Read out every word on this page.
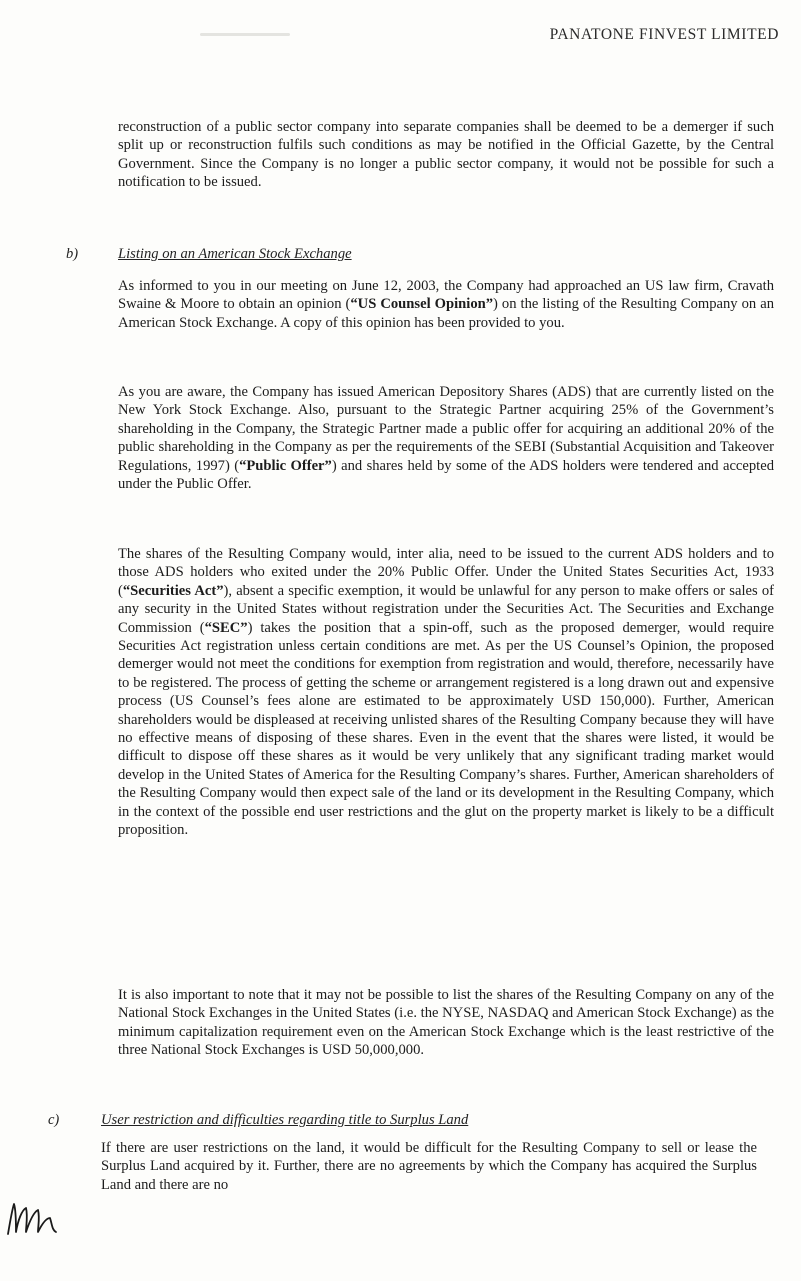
PANATONE FINVEST LIMITED

reconstruction of a public sector company into separate companies shall be deemed to be a demerger if such split up or reconstruction fulfils such conditions as may be notified in the Official Gazette, by the Central Government. Since the Company is no longer a public sector company, it would not be possible for such a notification to be issued.

b)	Listing on an American Stock Exchange

As informed to you in our meeting on June 12, 2003, the Company had approached an US law firm, Cravath Swaine & Moore to obtain an opinion (“US Counsel Opinion”) on the listing of the Resulting Company on an American Stock Exchange. A copy of this opinion has been provided to you.

As you are aware, the Company has issued American Depository Shares (ADS) that are currently listed on the New York Stock Exchange. Also, pursuant to the Strategic Partner acquiring 25% of the Government’s shareholding in the Company, the Strategic Partner made a public offer for acquiring an additional 20% of the public shareholding in the Company as per the requirements of the SEBI (Substantial Acquisition and Takeover Regulations, 1997) (“Public Offer”) and shares held by some of the ADS holders were tendered and accepted under the Public Offer.

The shares of the Resulting Company would, inter alia, need to be issued to the current ADS holders and to those ADS holders who exited under the 20% Public Offer. Under the United States Securities Act, 1933 (“Securities Act”), absent a specific exemption, it would be unlawful for any person to make offers or sales of any security in the United States without registration under the Securities Act. The Securities and Exchange Commission (“SEC”) takes the position that a spin-off, such as the proposed demerger, would require Securities Act registration unless certain conditions are met. As per the US Counsel’s Opinion, the proposed demerger would not meet the conditions for exemption from registration and would, therefore, necessarily have to be registered. The process of getting the scheme or arrangement registered is a long drawn out and expensive process (US Counsel’s fees alone are estimated to be approximately USD 150,000). Further, American shareholders would be displeased at receiving unlisted shares of the Resulting Company because they will have no effective means of disposing of these shares. Even in the event that the shares were listed, it would be difficult to dispose off these shares as it would be very unlikely that any significant trading market would develop in the United States of America for the Resulting Company’s shares. Further, American shareholders of the Resulting Company would then expect sale of the land or its development in the Resulting Company, which in the context of the possible end user restrictions and the glut on the property market is likely to be a difficult proposition.

It is also important to note that it may not be possible to list the shares of the Resulting Company on any of the National Stock Exchanges in the United States (i.e. the NYSE, NASDAQ and American Stock Exchange) as the minimum capitalization requirement even on the American Stock Exchange which is the least restrictive of the three National Stock Exchanges is USD 50,000,000.

c)	User restriction and difficulties regarding title to Surplus Land

If there are user restrictions on the land, it would be difficult for the Resulting Company to sell or lease the Surplus Land acquired by it. Further, there are no agreements by which the Company has acquired the Surplus Land and there are no
